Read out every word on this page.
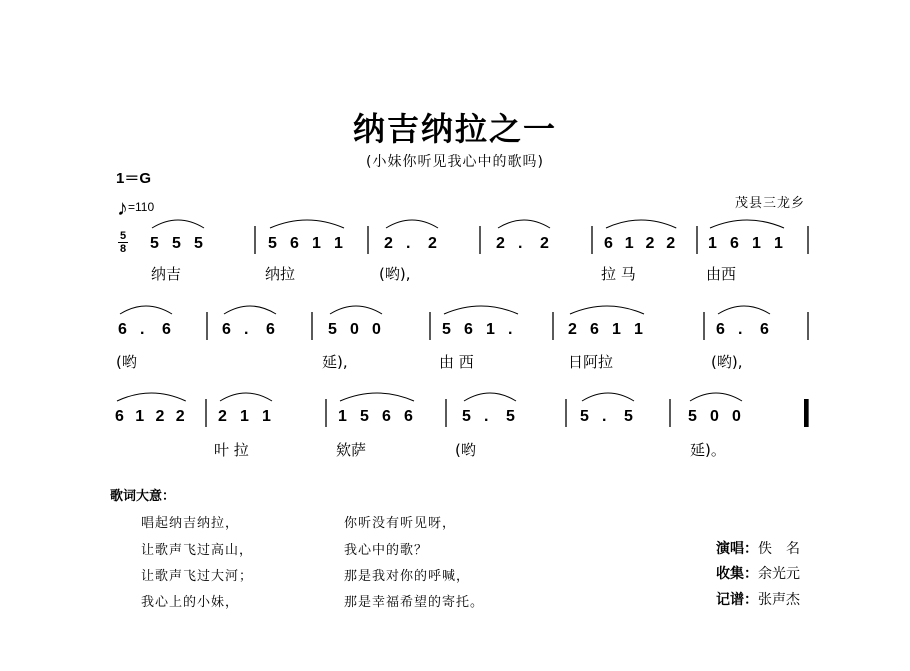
纳吉纳拉之一
(小妹你听见我心中的歌吗)
1＝G
♪=110	茂县三龙乡
5
8 5 5 5	5 6 1 1	2 . 2	2 . 2	6 1 2 2 1 6 1 1
6 . 6	6 . 6	5 0 0	5 6 1 .	2 6 1 1	6 . 6
6 1 2 2 2 1 1	1 5 6 6	5 . 5	5 . 5	5 0 0
纳吉	纳拉	(哟),	拉 马	由西
(哟	延),	由 西	日阿拉	(哟),
叶 拉	欸萨	(哟	延)。
歌词大意：
唱起纳吉纳拉，
让歌声飞过高山，
让歌声飞过大河；
我心上的小妹，
你听没有听见呀，
我心中的歌？
那是我对你的呼喊，
那是幸福希望的寄托。
演唱：佚　名
收集：余光元
记谱：张声杰
